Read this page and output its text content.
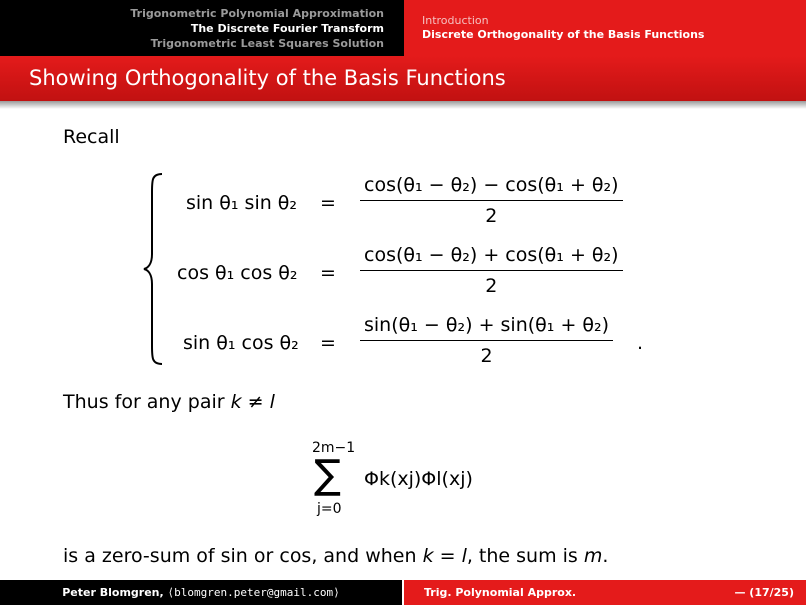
Trigonometric Polynomial Approximation
The Discrete Fourier Transform
Trigonometric Least Squares Solution
Introduction
Discrete Orthogonality of the Basis Functions
Showing Orthogonality of the Basis Functions
Recall
sin θ₁ $\sin \theta_2 = \frac{\text{cos(θ₁ − θ₂) − cos(θ₁ + θ₂)}}{2}$
cos θ₁ $\cos \theta_2 = \frac{\text{cos(θ₁ − θ₂) + cos(θ₁ + θ₂)}}{2}$
sin θ₁ $\cos \theta_2 = \frac{\text{sin(θ₁ − θ₂) + sin(θ₁ + θ₂)}}{2}$ .
Thus for any pair k ≠ l
2m−1
∑
j=0
Φk(xj)Φl(xj)
is a zero-sum of sin or cos, and when k = l, the sum is m.
Peter Blomgren,
⟨blomgren.peter@gmail.com⟩	Trig. Polynomial Approx.	— (17/25)
